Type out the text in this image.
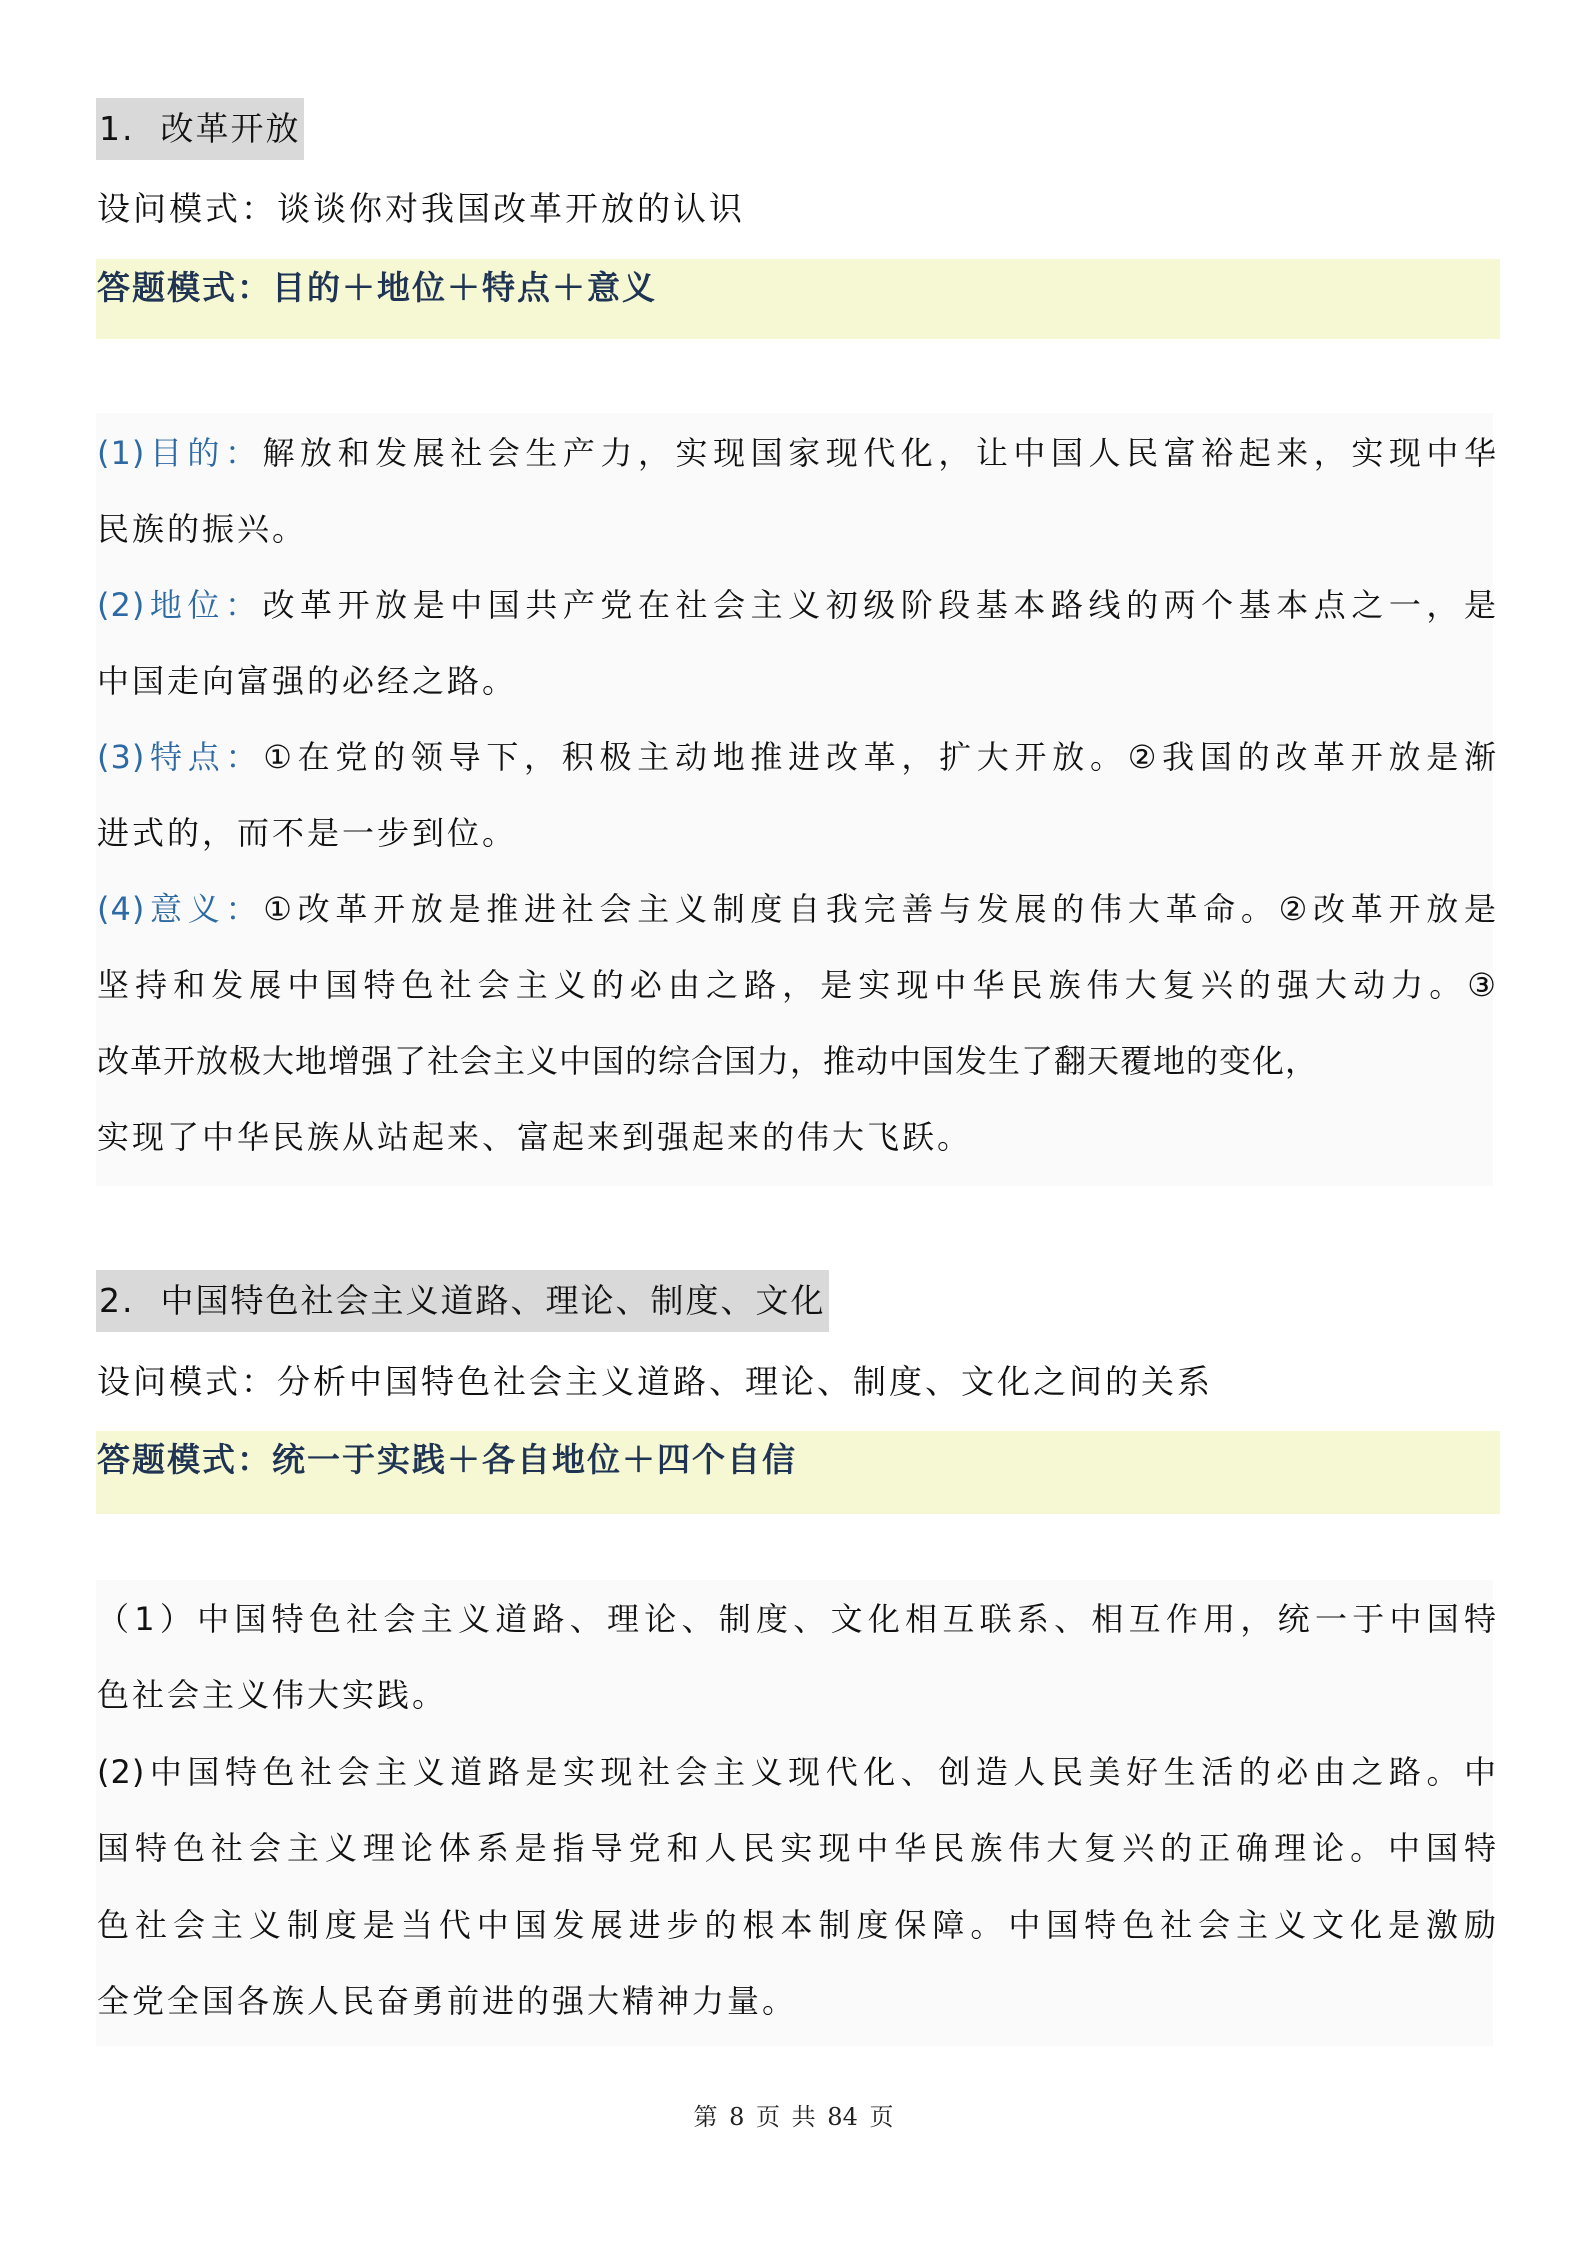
1. 改革开放
设问模式：谈谈你对我国改革开放的认识
答题模式：目的＋地位＋特点＋意义
(1)目的：解放和发展社会生产力，实现国家现代化，让中国人民富裕起来，实现中华
民族的振兴。
(2)地位：改革开放是中国共产党在社会主义初级阶段基本路线的两个基本点之一，是
中国走向富强的必经之路。
(3)特点：①在党的领导下，积极主动地推进改革，扩大开放。②我国的改革开放是渐
进式的，而不是一步到位。
(4)意义：①改革开放是推进社会主义制度自我完善与发展的伟大革命。②改革开放是
坚持和发展中国特色社会主义的必由之路，是实现中华民族伟大复兴的强大动力。③
改革开放极大地增强了社会主义中国的综合国力，推动中国发生了翻天覆地的变化，
实现了中华民族从站起来、富起来到强起来的伟大飞跃。
2. 中国特色社会主义道路、理论、制度、文化
设问模式：分析中国特色社会主义道路、理论、制度、文化之间的关系
答题模式：统一于实践＋各自地位＋四个自信
（1）中国特色社会主义道路、理论、制度、文化相互联系、相互作用，统一于中国特
色社会主义伟大实践。
(2)中国特色社会主义道路是实现社会主义现代化、创造人民美好生活的必由之路。中
国特色社会主义理论体系是指导党和人民实现中华民族伟大复兴的正确理论。中国特
色社会主义制度是当代中国发展进步的根本制度保障。中国特色社会主义文化是激励
全党全国各族人民奋勇前进的强大精神力量。
第 8 页 共 84 页
